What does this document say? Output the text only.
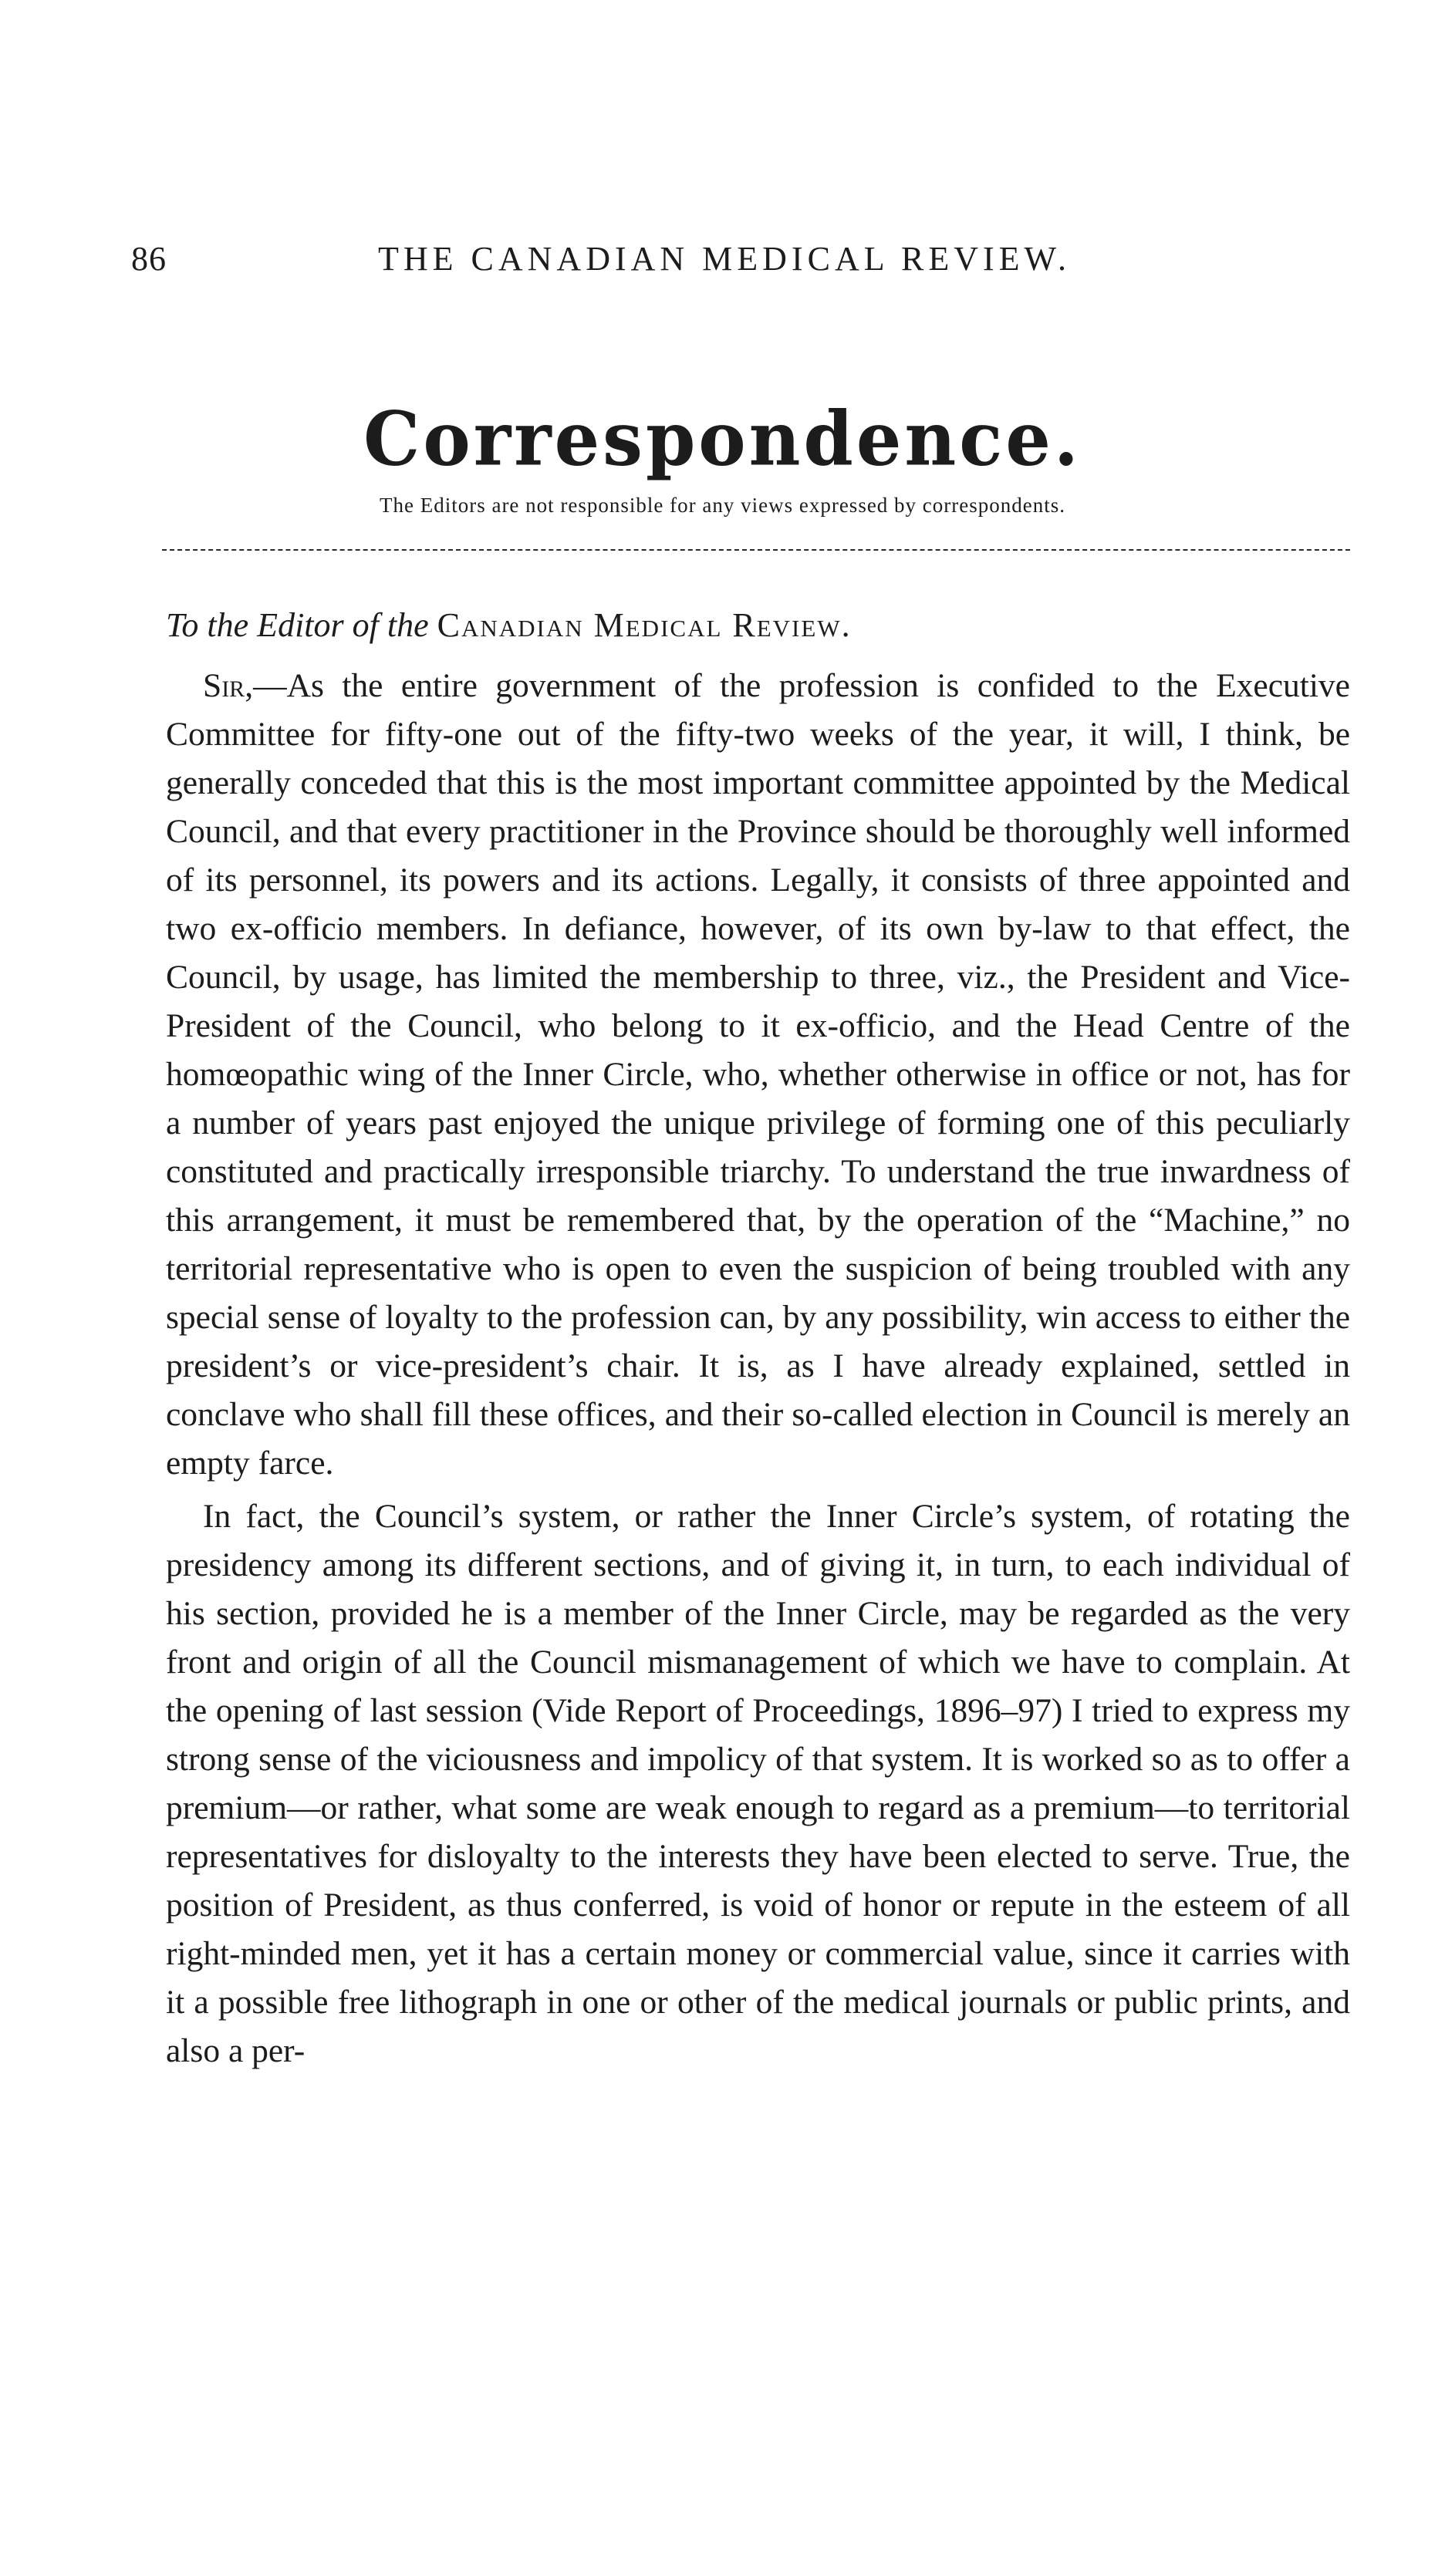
86	THE CANADIAN MEDICAL REVIEW.
Correspondence.
The Editors are not responsible for any views expressed by correspondents.
To the Editor of the Canadian Medical Review.

Sir,—As the entire government of the profession is confided to the Executive Committee for fifty-one out of the fifty-two weeks of the year, it will, I think, be generally conceded that this is the most important committee appointed by the Medical Council, and that every practitioner in the Province should be thoroughly well informed of its personnel, its powers and its actions. Legally, it consists of three appointed and two ex-officio members. In defiance, however, of its own by-law to that effect, the Council, by usage, has limited the membership to three, viz., the President and Vice-President of the Council, who belong to it ex-officio, and the Head Centre of the homœopathic wing of the Inner Circle, who, whether otherwise in office or not, has for a number of years past enjoyed the unique privilege of forming one of this peculiarly constituted and practically irresponsible triarchy. To understand the true inwardness of this arrangement, it must be remembered that, by the operation of the “Machine,” no territorial representative who is open to even the suspicion of being troubled with any special sense of loyalty to the profession can, by any possibility, win access to either the president’s or vice-president’s chair. It is, as I have already explained, settled in conclave who shall fill these offices, and their so-called election in Council is merely an empty farce.

In fact, the Council’s system, or rather the Inner Circle’s system, of rotating the presidency among its different sections, and of giving it, in turn, to each individual of his section, provided he is a member of the Inner Circle, may be regarded as the very front and origin of all the Council mismanagement of which we have to complain. At the opening of last session (Vide Report of Proceedings, 1896–97) I tried to express my strong sense of the viciousness and impolicy of that system. It is worked so as to offer a premium—or rather, what some are weak enough to regard as a premium—to territorial representatives for disloyalty to the interests they have been elected to serve. True, the position of President, as thus conferred, is void of honor or repute in the esteem of all right-minded men, yet it has a certain money or commercial value, since it carries with it a possible free lithograph in one or other of the medical journals or public prints, and also a per-
